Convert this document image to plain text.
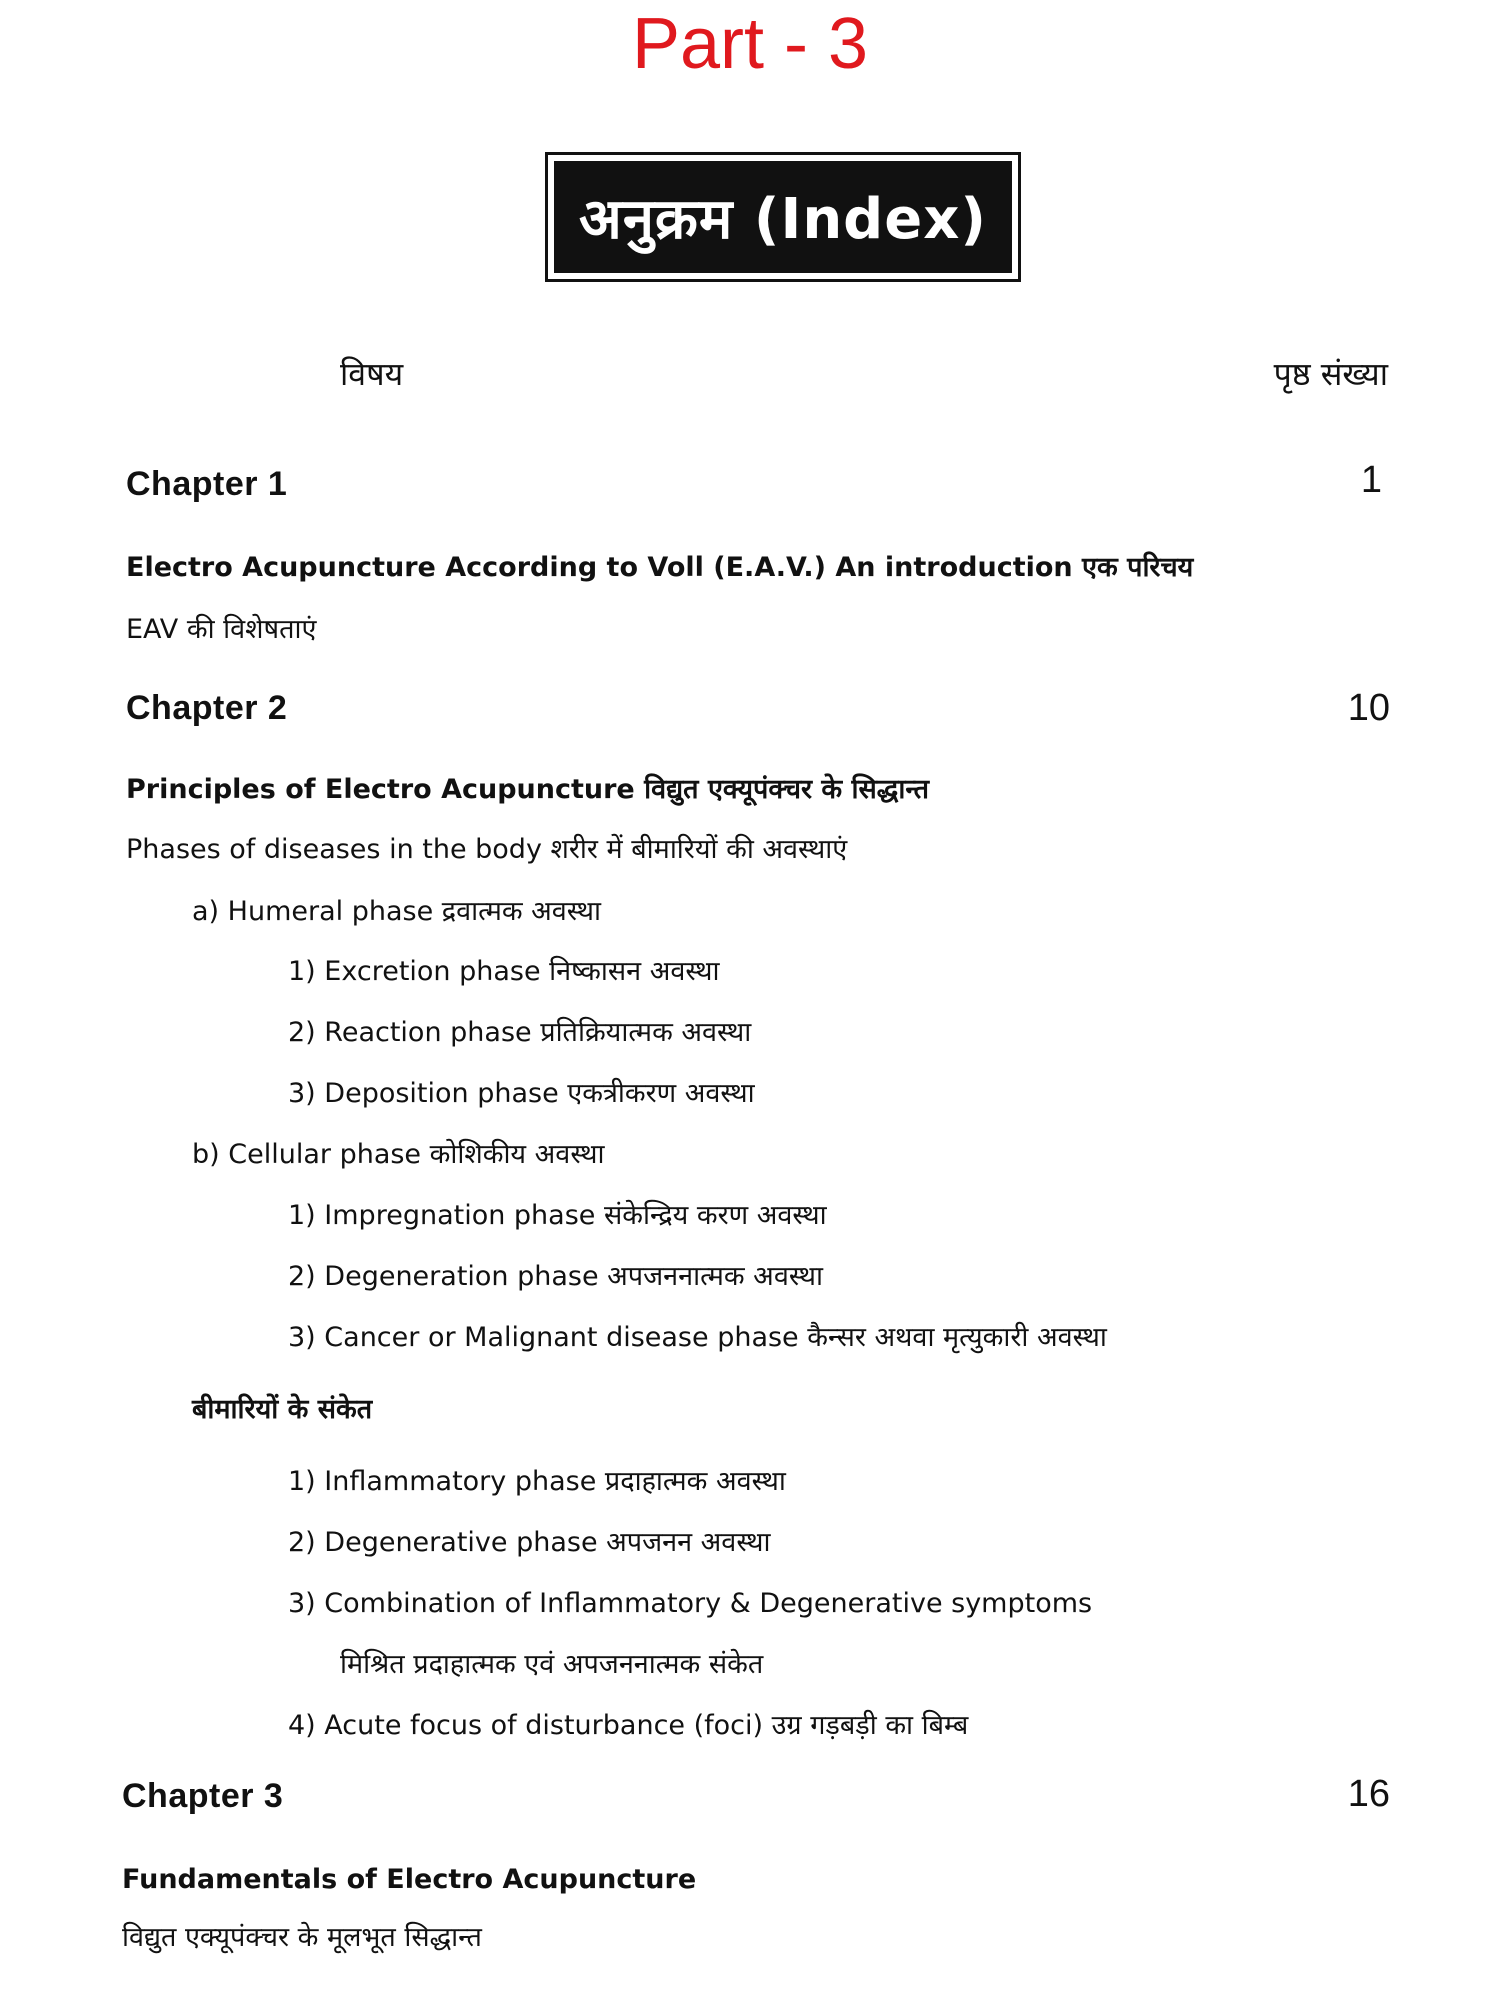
Part - 3
अनुक्रम (Index)
विषय	पृष्ठ संख्या
Chapter 1	1
Electro Acupuncture According to Voll (E.A.V.) An introduction एक परिचय
EAV की विशेषताएं
Chapter 2	10
Principles of Electro Acupuncture विद्युत एक्यूपंक्चर के सिद्धान्त
Phases of diseases in the body शरीर में बीमारियों की अवस्थाएं
a) Humeral phase द्रवात्मक अवस्था
1) Excretion phase निष्कासन अवस्था
2) Reaction phase प्रतिक्रियात्मक अवस्था
3) Deposition phase एकत्रीकरण अवस्था
b) Cellular phase कोशिकीय अवस्था
1) Impregnation phase संकेन्द्रिय करण अवस्था
2) Degeneration phase अपजननात्मक अवस्था
3) Cancer or Malignant disease phase कैन्सर अथवा मृत्युकारी अवस्था
बीमारियों के संकेत
1) Inflammatory phase प्रदाहात्मक अवस्था
2) Degenerative phase अपजनन अवस्था
3) Combination of Inflammatory & Degenerative symptoms
मिश्रित प्रदाहात्मक एवं अपजननात्मक संकेत
4) Acute focus of disturbance (foci) उग्र गड़बड़ी का बिम्ब
Chapter 3	16
Fundamentals of Electro Acupuncture
विद्युत एक्यूपंक्चर के मूलभूत सिद्धान्त
